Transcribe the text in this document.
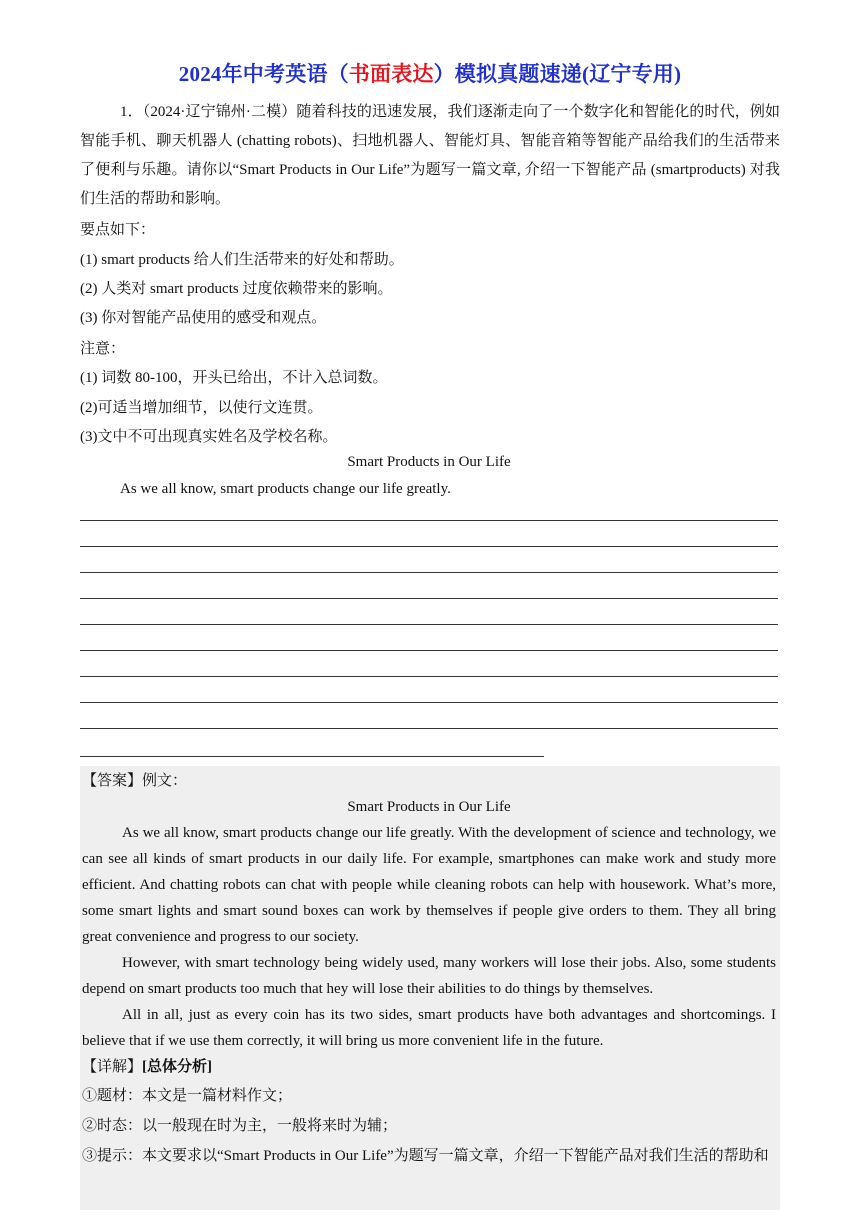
2024年中考英语（书面表达）模拟真题速递(辽宁专用)
1．（2024·辽宁锦州·二模）随着科技的迅速发展，我们逐渐走向了一个数字化和智能化的时代，例如智能手机、聊天机器人 (chatting robots)、扫地机器人、智能灯具、智能音箱等智能产品给我们的生活带来了便利与乐趣。请你以“Smart Products in Our Life”为题写一篇文章, 介绍一下智能产品 (smartproducts) 对我们生活的帮助和影响。
要点如下：
(1) smart products 给人们生活带来的好处和帮助。
(2) 人类对 smart products 过度依赖带来的影响。
(3) 你对智能产品使用的感受和观点。
注意：
(1) 词数 80-100，开头已给出，不计入总词数。
(2)可适当增加细节，以使行文连贯。
(3)文中不可出现真实姓名及学校名称。
Smart Products in Our Life
As we all know, smart products change our life greatly.
【答案】例文：
Smart Products in Our Life

As we all know, smart products change our life greatly. With the development of science and technology, we can see all kinds of smart products in our daily life. For example, smartphones can make work and study more efficient. And chatting robots can chat with people while cleaning robots can help with housework. What’s more, some smart lights and smart sound boxes can work by themselves if people give orders to them. They all bring great convenience and progress to our society.

However, with smart technology being widely used, many workers will lose their jobs. Also, some students depend on smart products too much that hey will lose their abilities to do things by themselves.

All in all, just as every coin has its two sides, smart products have both advantages and shortcomings. I believe that if we use them correctly, it will bring us more convenient life in the future.

【详解】[总体分析]
①题材：本文是一篇材料作文；
②时态：以一般现在时为主，一般将来时为辅；
③提示：本文要求以“Smart Products in Our Life”为题写一篇文章，介绍一下智能产品对我们生活的帮助和
